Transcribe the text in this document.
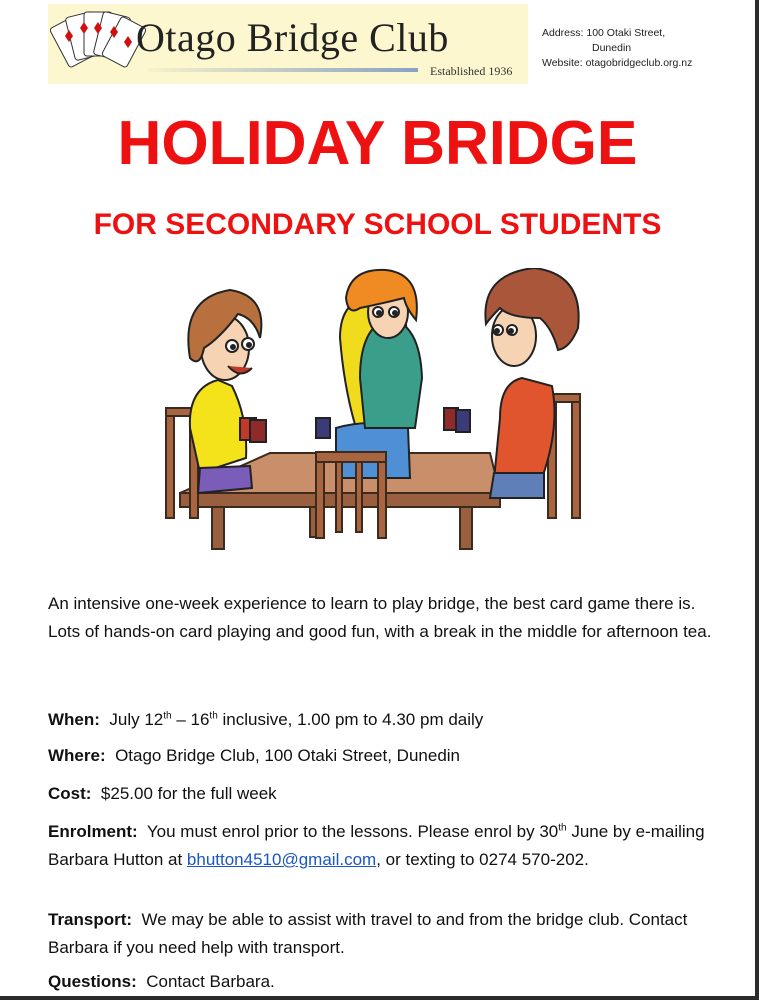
Otago Bridge Club
Established 1936
Address: 100 Otaki Street,
Dunedin
Website: otagobridgeclub.org.nz
HOLIDAY BRIDGE
FOR SECONDARY SCHOOL STUDENTS
An intensive one-week experience to learn to play bridge, the best card game there is. Lots of hands-on card playing and good fun, with a break in the middle for afternoon tea.
When: July 12th – 16th inclusive, 1.00 pm to 4.30 pm daily
Where: Otago Bridge Club, 100 Otaki Street, Dunedin
Cost: $25.00 for the full week
Enrolment: You must enrol prior to the lessons. Please enrol by 30th June by e-mailing Barbara Hutton at bhutton4510@gmail.com, or texting to 0274 570-202.
Transport: We may be able to assist with travel to and from the bridge club. Contact Barbara if you need help with transport.
Questions: Contact Barbara.
